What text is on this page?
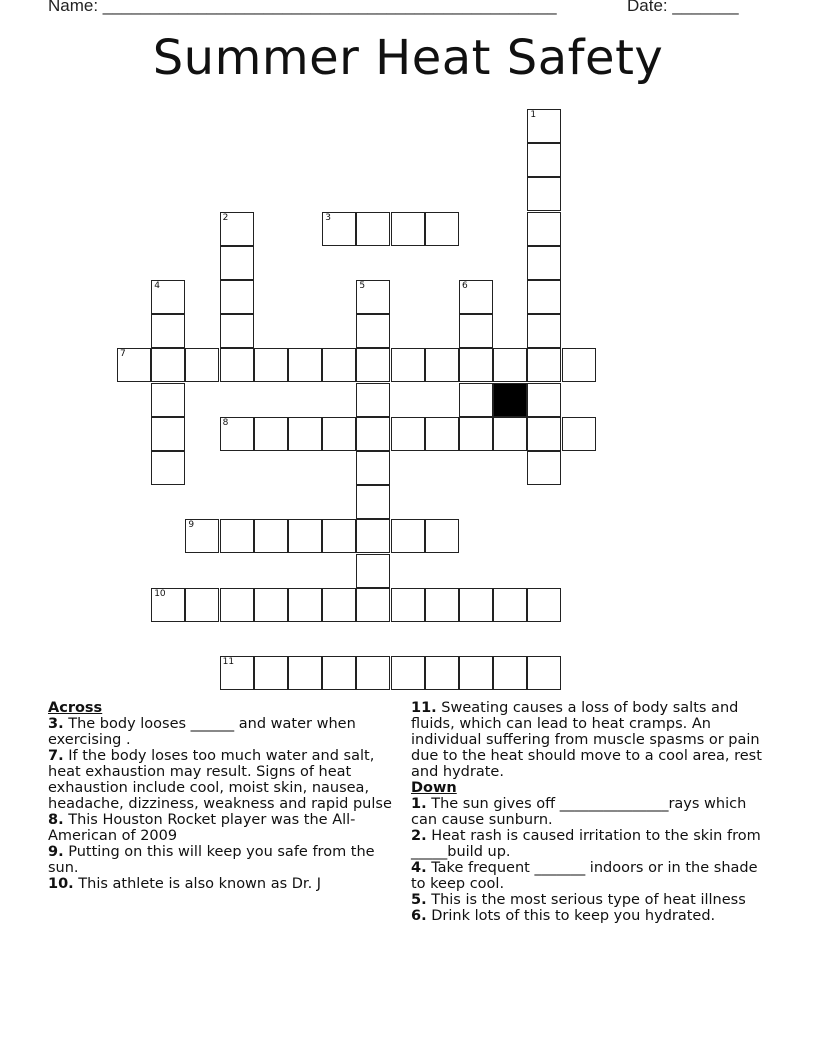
Name: ________________________________________________	Date: _______
Summer Heat Safety
1
2	3
4	5	6
7
8
9
10
11

Across

3. The body looses ______ and water when exercising .

7. If the body loses too much water and salt, heat exhaustion may result. Signs of heat exhaustion include cool, moist skin, nausea, headache, dizziness, weakness and rapid pulse

8. This Houston Rocket player was the All-American of 2009

9. Putting on this will keep you safe from the sun.

10. This athlete is also known as Dr. J

11. Sweating causes a loss of body salts and fluids, which can lead to heat cramps. An individual suffering from muscle spasms or pain due to the heat should move to a cool area, rest and hydrate.

Down

1. The sun gives off _______________rays which can cause sunburn.

2. Heat rash is caused irritation to the skin from _____build up.

4. Take frequent _______ indoors or in the shade to keep cool.

5. This is the most serious type of heat illness

6. Drink lots of this to keep you hydrated.
